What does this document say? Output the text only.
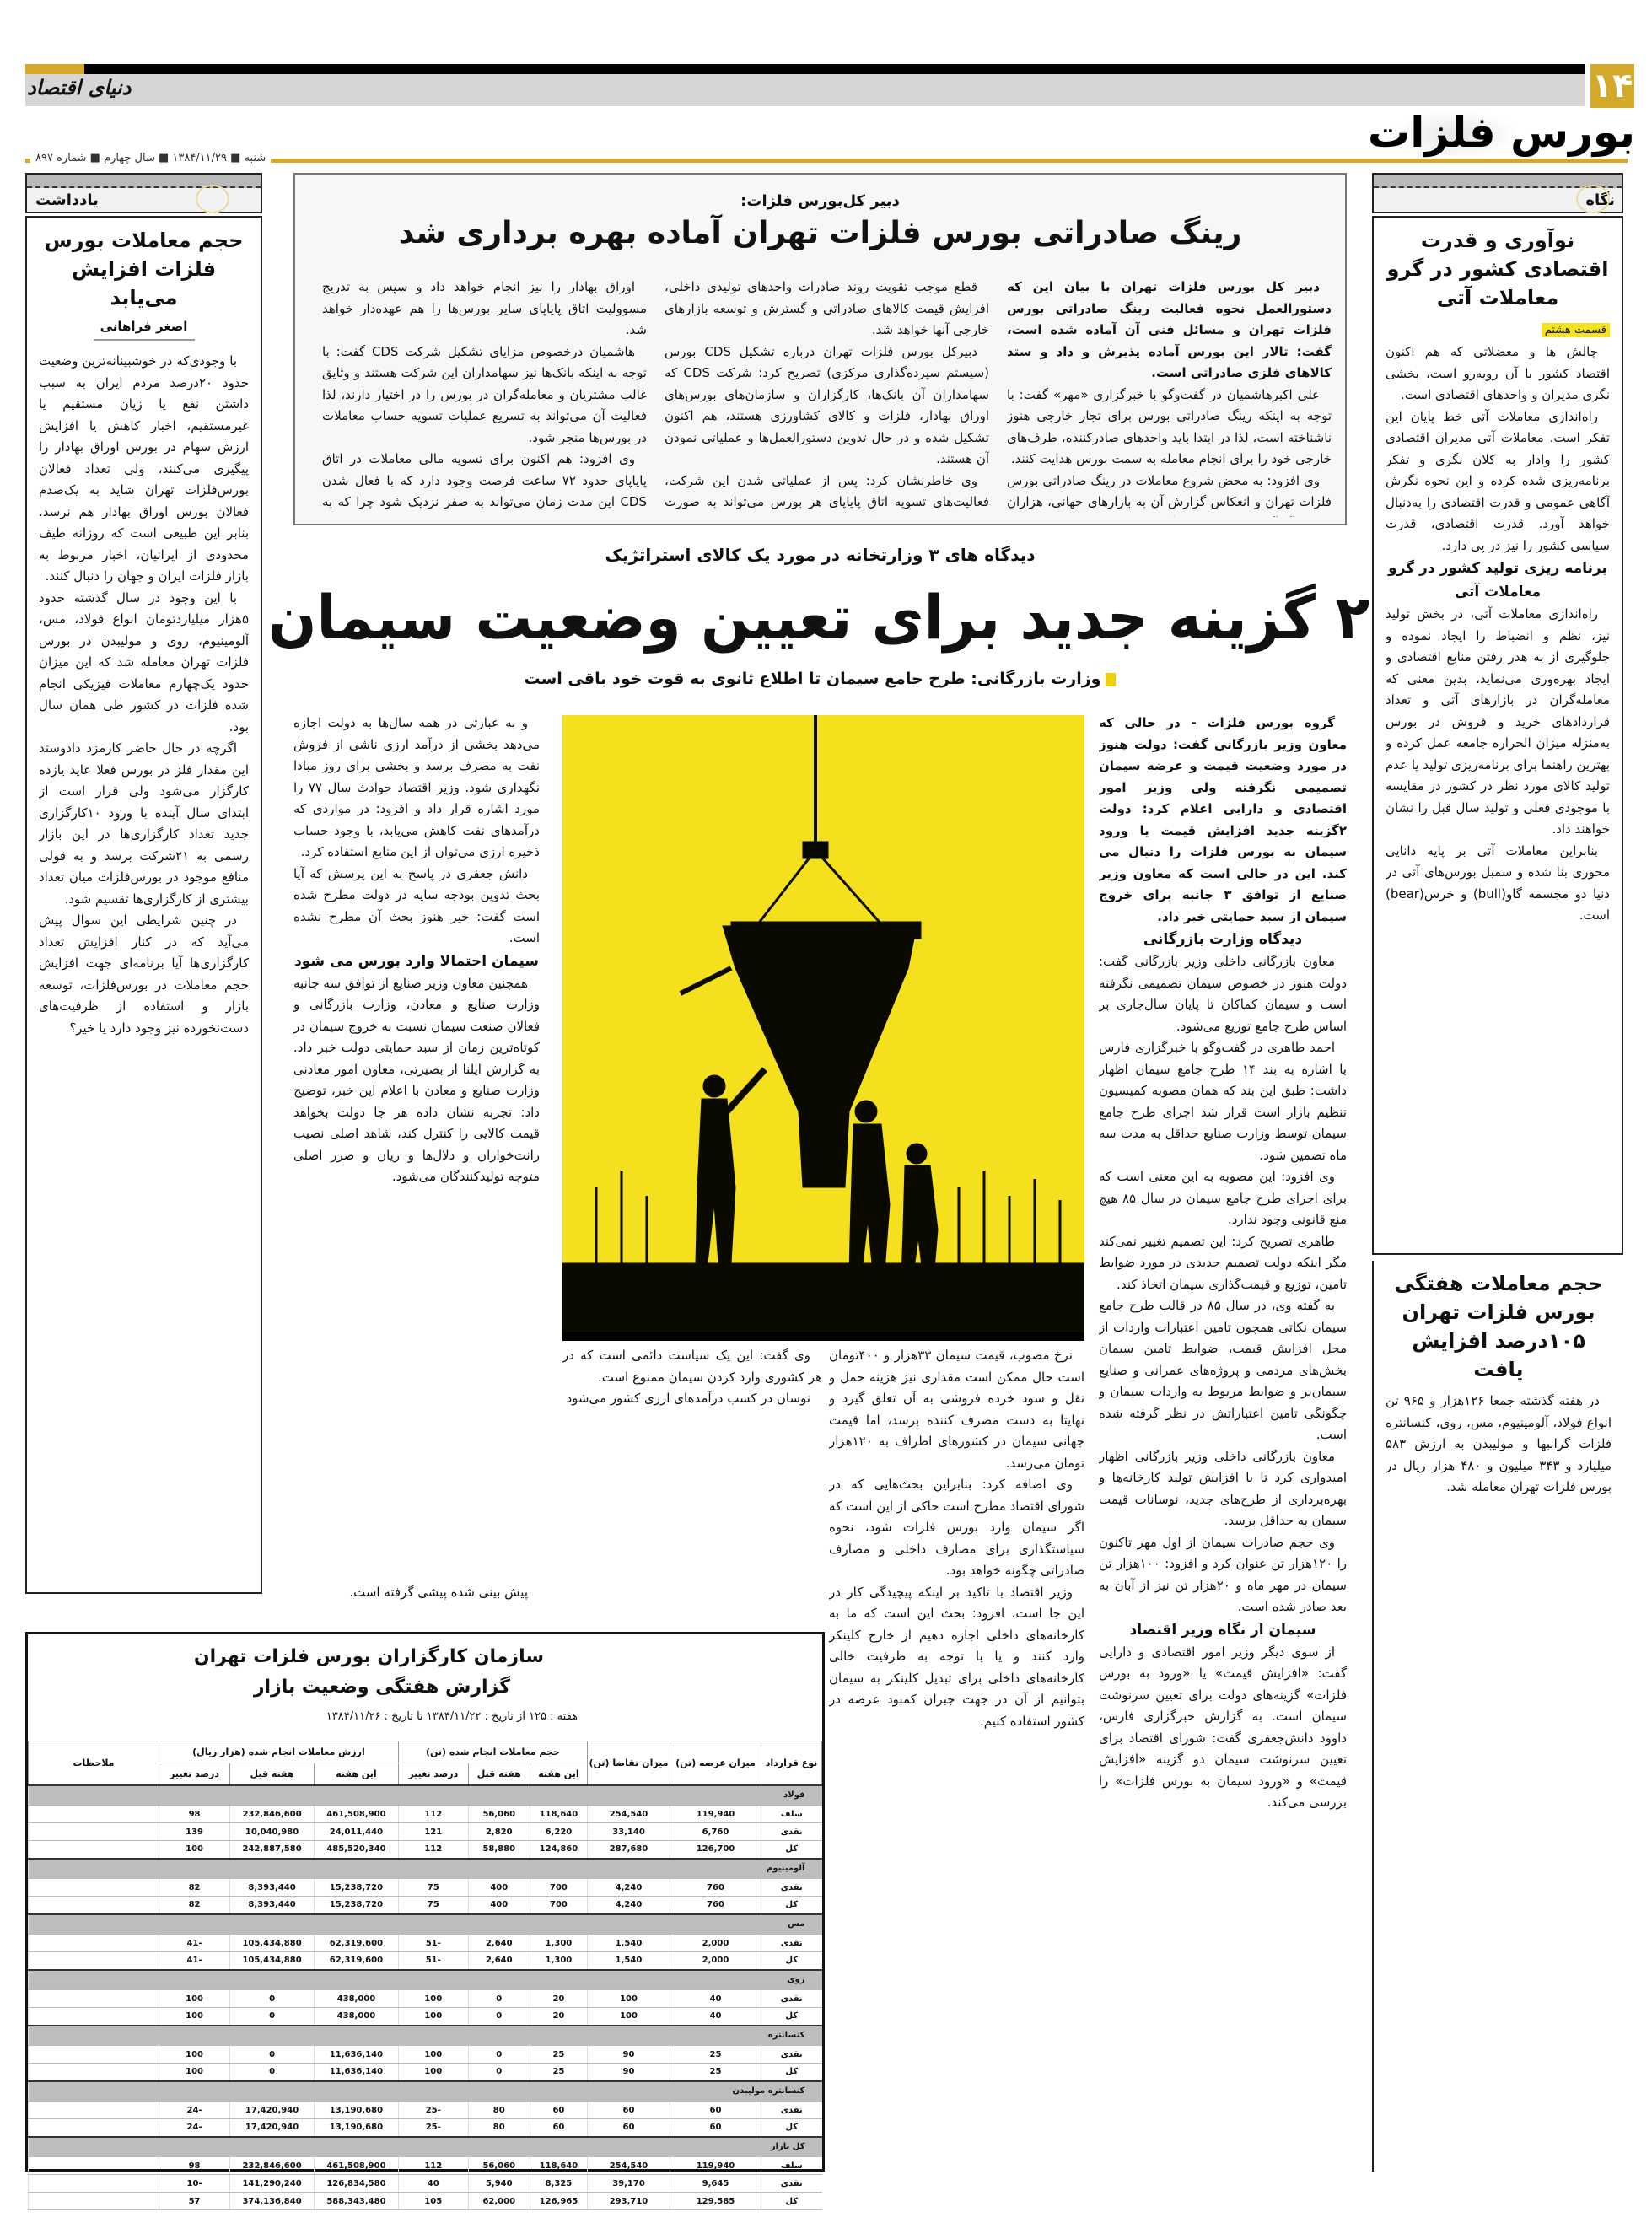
دنیای اقتصاد	۱۴
بورس فلزات
شنبه ■ ۱۳۸۴/۱۱/۲۹ ■ سال چهارم ■ شماره ۸۹۷
یادداشت
حجم معاملات بورس فلزات افزایش می‌یابد
اصغر فراهانی

با وجودی‌که در خوشبینانه‌ترین وضعیت حدود ۲۰درصد مردم ایران به سبب داشتن نفع یا زیان مستقیم یا غیرمستقیم، اخبار کاهش یا افزایش ارزش سهام در بورس اوراق بهادار را پیگیری می‌کنند، ولی تعداد فعالان بورس‌فلزات تهران شاید به یک‌صدم فعالان بورس اوراق بهادار هم نرسد. بنابر این طبیعی است که روزانه طیف محدودی از ایرانیان، اخبار مربوط به بازار فلزات ایران و جهان را دنبال کنند.

با این وجود در سال گذشته حدود ۵هزار میلیاردتومان انواع فولاد، مس، آلومینیوم، روی و مولیبدن در بورس فلزات تهران معامله شد که این میزان حدود یک‌چهارم معاملات فیزیکی انجام شده فلزات در کشور طی همان سال بود.

اگرچه در حال حاضر کارمزد دادوستد این مقدار فلز در بورس فعلا عاید یازده کارگزار می‌شود ولی قرار است از ابتدای سال آینده با ورود ۱۰کارگزاری جدید تعداد کارگزاری‌ها در این بازار رسمی به ۲۱شرکت برسد و به قولی منافع موجود در بورس‌فلزات میان تعداد بیشتری از کارگزاری‌ها تقسیم شود.

در چنین شرایطی این سوال پیش می‌آید که در کنار افزایش تعداد کارگزاری‌ها آیا برنامه‌ای جهت افزایش حجم معاملات در بورس‌فلزات، توسعه بازار و استفاده از ظرفیت‌های دست‌نخورده نیز وجود دارد یا خیر؟

نگاه
نوآوری و قدرت اقتصادی کشور در گرو معاملات آتی
قسمت هشتم

چالش ها و معضلاتی که هم اکنون اقتصاد کشور با آن روبه‌رو است، بخشی نگری مدیران و واحدهای اقتصادی است.

راه‌اندازی معاملات آتی خط پایان این تفکر است. معاملات آتی مدیران اقتصادی کشور را وادار به کلان نگری و تفکر برنامه‌ریزی شده کرده و این نحوه نگرش آگاهی عمومی و قدرت اقتصادی را به‌دنبال خواهد آورد. قدرت اقتصادی، قدرت سیاسی کشور را نیز در پی دارد.

برنامه ریزی تولید کشور در گرو معاملات آتی

راه‌اندازی معاملات آتی، در بخش تولید نیز، نظم و انضباط را ایجاد نموده و جلوگیری از به هدر رفتن منابع اقتصادی و ایجاد بهره‌وری می‌نماید، بدین معنی که معامله‌گران در بازارهای آتی و تعداد قراردادهای خرید و فروش در بورس به‌منزله میزان الحراره جامعه عمل کرده و بهترین راهنما برای برنامه‌ریزی تولید یا عدم تولید کالای مورد نظر در کشور در مقایسه با موجودی فعلی و تولید سال قبل را نشان خواهند داد.

بنابراین معاملات آتی بر پایه دانایی محوری بنا شده و سمبل بورس‌های آتی در دنیا دو مجسمه گاو(bull) و خرس(bear) است.

حجم معاملات هفتگی بورس فلزات تهران ۱۰۵درصد افزایش یافت

در هفته گذشته جمعا ۱۲۶هزار و ۹۶۵ تن انواع فولاد، آلومینیوم، مس، روی، کنسانتره فلزات گرانبها و مولیبدن به ارزش ۵۸۳ میلیارد و ۳۴۳ میلیون و ۴۸۰ هزار ریال در بورس فلزات تهران معامله شد.

دبیر کل‌بورس فلزات:
رینگ صادراتی بورس فلزات تهران آماده بهره برداری شد

دبیر کل بورس فلزات تهران با بیان این که دستورالعمل نحوه فعالیت رینگ صادراتی بورس فلزات تهران و مسائل فنی آن آماده شده است، گفت: تالار این بورس آماده پذیرش و داد و ستد کالاهای فلزی صادراتی است.

علی اکبرهاشمیان در گفت‌وگو با خبرگزاری «مهر» گفت: با توجه به اینکه رینگ صادراتی بورس برای تجار خارجی هنوز ناشناخته است، لذا در ابتدا باید واحدهای صادرکننده، طرف‌های خارجی خود را برای انجام معامله به سمت بورس هدایت کنند.

وی افزود: به محض شروع معاملات در رینگ صادراتی بورس فلزات تهران و انعکاس گزارش آن به بازارهای جهانی، هزاران

قطع موجب تقویت روند صادرات واحدهای تولیدی داخلی، افزایش قیمت کالاهای صادراتی و گسترش و توسعه بازارهای خارجی آنها خواهد شد.

دبیرکل بورس فلزات تهران درباره تشکیل CDS بورس (سیستم سپرده‌گذاری مرکزی) تصریح کرد: شرکت CDS که سهامداران آن بانک‌ها، کارگزاران و سازمان‌های بورس‌های اوراق بهادار، فلزات و کالای کشاورزی هستند، هم اکنون تشکیل شده و در حال تدوین دستورالعمل‌ها و عملیاتی نمودن آن هستند.

وی خاطرنشان کرد: پس از عملیاتی شدن این شرکت، فعالیت‌های تسویه اتاق پایاپای هر بورس می‌تواند به صورت

اوراق بهادار را نیز انجام خواهد داد و سپس به تدریج مسوولیت اتاق پایاپای سایر بورس‌ها را هم عهده‌دار خواهد شد.

هاشمیان درخصوص مزایای تشکیل شرکت CDS گفت: با توجه به اینکه بانک‌ها نیز سهامداران این شرکت هستند و وثایق غالب مشتریان و معامله‌گران در بورس را در اختیار دارند، لذا فعالیت آن می‌تواند به تسریع عملیات تسویه حساب معاملات در بورس‌ها منجر شود.

وی افزود: هم اکنون برای تسویه مالی معاملات در اتاق پایاپای حدود ۷۲ ساعت فرصت وجود دارد که با فعال شدن CDS این مدت زمان می‌تواند به صفر نزدیک شود چرا که به

دیدگاه های ۳ وزارتخانه در مورد یک کالای استراتژیک
۲ گزینه جدید برای تعیین وضعیت سیمان
وزارت بازرگانی: طرح جامع سیمان تا اطلاع ثانوی به قوت خود باقی است

گروه بورس فلزات - در حالی که معاون وزیر بازرگانی گفت: دولت هنوز در مورد وضعیت قیمت و عرضه سیمان تصمیمی نگرفته ولی وزیر امور اقتصادی و دارایی اعلام کرد: دولت ۲گزینه جدید افزایش قیمت یا ورود سیمان به بورس فلزات را دنبال می کند. این در حالی است که معاون وزیر صنایع از توافق ۳ جانبه برای خروج سیمان از سبد حمایتی خبر داد.

دیدگاه وزارت بازرگانی

معاون بازرگانی داخلی وزیر بازرگانی گفت: دولت هنوز در خصوص سیمان تصمیمی نگرفته است و سیمان کماکان تا پایان سال‌جاری بر اساس طرح جامع توزیع می‌شود.

احمد طاهری در گفت‌وگو با خبرگزاری فارس با اشاره به بند ۱۴ طرح جامع سیمان اظهار داشت: طبق این بند که همان مصوبه کمیسیون تنظیم بازار است قرار شد اجرای طرح جامع سیمان توسط وزارت صنایع حداقل به مدت سه ماه تضمین شود.

وی افزود: این مصوبه به این معنی است که برای اجرای طرح جامع سیمان در سال ۸۵ هیچ منع قانونی وجود ندارد.

طاهری تصریح کرد: این تصمیم تغییر نمی‌کند مگر اینکه دولت تصمیم جدیدی در مورد ضوابط تامین، توزیع و قیمت‌گذاری سیمان اتخاذ کند.

به گفته وی، در سال ۸۵ در قالب طرح جامع سیمان نکاتی همچون تامین اعتبارات واردات از محل افزایش قیمت، ضوابط تامین سیمان بخش‌های مردمی و پروژه‌های عمرانی و صنایع سیمان‌بر و ضوابط مربوط به واردات سیمان و چگونگی تامین اعتباراتش در نظر گرفته شده است.

معاون بازرگانی داخلی وزیر بازرگانی اظهار امیدواری کرد تا با افزایش تولید کارخانه‌ها و بهره‌برداری از طرح‌های جدید، نوسانات قیمت سیمان به حداقل برسد.

وی حجم صادرات سیمان از اول مهر تاکنون را ۱۲۰هزار تن عنوان کرد و افزود: ۱۰۰هزار تن سیمان در مهر ماه و ۲۰هزار تن نیز از آبان به بعد صادر شده است.

سیمان از نگاه وزیر اقتصاد

از سوی دیگر وزیر امور اقتصادی و دارایی گفت: «افزایش قیمت» یا «ورود به بورس فلزات» گزینه‌های دولت برای تعیین سرنوشت سیمان است. به گزارش خبرگزاری فارس، داوود دانش‌جعفری گفت: شورای اقتصاد برای تعیین سرنوشت سیمان دو گزینه «افزایش قیمت» و «ورود سیمان به بورس فلزات» را بررسی می‌کند.

و به عبارتی در همه سال‌ها به دولت اجازه می‌دهد بخشی از درآمد ارزی ناشی از فروش نفت به مصرف برسد و بخشی برای روز مبادا نگهداری شود. وزیر اقتصاد حوادث سال ۷۷ را مورد اشاره قرار داد و افزود: در مواردی که درآمدهای نفت کاهش می‌یابد، با وجود حساب ذخیره ارزی می‌توان از این منابع استفاده کرد.

دانش جعفری در پاسخ به این پرسش که آیا بحث تدوین بودجه سایه در دولت مطرح شده است گفت: خیر هنوز بحث آن مطرح نشده است.

سیمان احتمالا وارد بورس می شود

همچنین معاون وزیر صنایع از توافق سه جانبه وزارت صنایع و معادن، وزارت بازرگانی و فعالان صنعت سیمان نسبت به خروج سیمان در کوتاه‌ترین زمان از سبد حمایتی دولت خبر داد. به گزارش ایلنا از بصیرتی، معاون امور معادنی وزارت صنایع و معادن با اعلام این خبر، توضیح داد: تجربه نشان داده هر جا دولت بخواهد قیمت کالایی را کنترل کند، شاهد اصلی نصیب رانت‌خواران و دلال‌ها و زیان و ضرر اصلی متوجه تولیدکنندگان می‌شود.

پیش بینی شده پیشی گرفته است.

نرخ مصوب، قیمت سیمان ۳۳هزار و ۴۰۰تومان است حال ممکن است مقداری نیز هزینه حمل و نقل و سود خرده فروشی به آن تعلق گیرد و نهایتا به دست مصرف کننده برسد، اما قیمت جهانی سیمان در کشورهای اطراف به ۱۲۰هزار تومان می‌رسد.

وی اضافه کرد: بنابراین بحث‌هایی که در شورای اقتصاد مطرح است حاکی از این است که اگر سیمان وارد بورس فلزات شود، نحوه سیاستگذاری برای مصارف داخلی و مصارف صادراتی چگونه خواهد بود.

وزیر اقتصاد با تاکید بر اینکه پیچیدگی کار در این جا است، افزود: بحث این است که ما به کارخانه‌های داخلی اجازه دهیم از خارج کلینکر وارد کنند و یا با توجه به ظرفیت خالی کارخانه‌های داخلی برای تبدیل کلینکر به سیمان بتوانیم از آن در جهت جبران کمبود عرضه در کشور استفاده کنیم.

وی گفت: این یک سیاست دائمی است که در هر کشوری وارد کردن سیمان ممنوع است.

نوسان در کسب درآمدهای ارزی کشور می‌شود

سازمان کارگزاران بورس فلزات تهران
گزارش هفتگی وضعیت بازار
هفته : ۱۲۵ از تاریخ : ۱۳۸۴/۱۱/۲۲ تا تاریخ : ۱۳۸۴/۱۱/۲۶
نوع قرارداد	میزان عرضه (تن)	میزان تقاضا (تن)	حجم معاملات انجام شده (تن)			ارزش معاملات انجام شده (هزار ریال)			ملاحظات
			این هفته	هفته قبل	درصد تغییر	این هفته	هفته قبل	درصد تغییر	
فولاد									
سلف	119,940	254,540	118,640	56,060	112	461,508,900	232,846,600	98	
نقدی	6,760	33,140	6,220	2,820	121	24,011,440	10,040,980	139	
کل	126,700	287,680	124,860	58,880	112	485,520,340	242,887,580	100	
آلومینیوم									
نقدی	760	4,240	700	400	75	15,238,720	8,393,440	82	
کل	760	4,240	700	400	75	15,238,720	8,393,440	82	
مس									
نقدی	2,000	1,540	1,300	2,640	-51	62,319,600	105,434,880	-41	
کل	2,000	1,540	1,300	2,640	-51	62,319,600	105,434,880	-41	
روی									
نقدی	40	100	20	0	100	438,000	0	100	
کل	40	100	20	0	100	438,000	0	100	
کنسانتره									
نقدی	25	90	25	0	100	11,636,140	0	100	
کل	25	90	25	0	100	11,636,140	0	100	
کنسانتره مولیبدن									
نقدی	60	60	60	80	-25	13,190,680	17,420,940	-24	
کل	60	60	60	80	-25	13,190,680	17,420,940	-24	
کل بازار									
سلف	119,940	254,540	118,640	56,060	112	461,508,900	232,846,600	98	
نقدی	9,645	39,170	8,325	5,940	40	126,834,580	141,290,240	-10	
کل	129,585	293,710	126,965	62,000	105	588,343,480	374,136,840	57	
